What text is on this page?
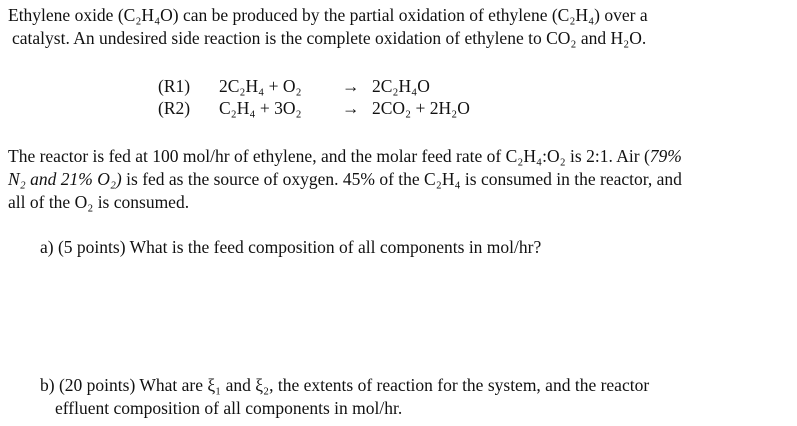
Ethylene oxide (C₂H₄O) can be produced by the partial oxidation of ethylene (C₂H₄) over a
catalyst. An undesired side reaction is the complete oxidation of ethylene to CO₂ and H₂O.
(R1)	2C₂H₄ + O₂	→ 2C₂H₄O
(R2)	C₂H₄ + 3O₂	→ 2CO₂ + 2H₂O
The reactor is fed at 100 mol/hr of ethylene, and the molar feed rate of C₂H₄:O₂ is 2:1. Air (79%
N₂ and 21% O₂) is fed as the source of oxygen. 45% of the C₂H₄ is consumed in the reactor, and
all of the O₂ is consumed.
a) (5 points) What is the feed composition of all components in mol/hr?
b) (20 points) What are ξ₁ and ξ₂, the extents of reaction for the system, and the reactor
effluent composition of all components in mol/hr.
